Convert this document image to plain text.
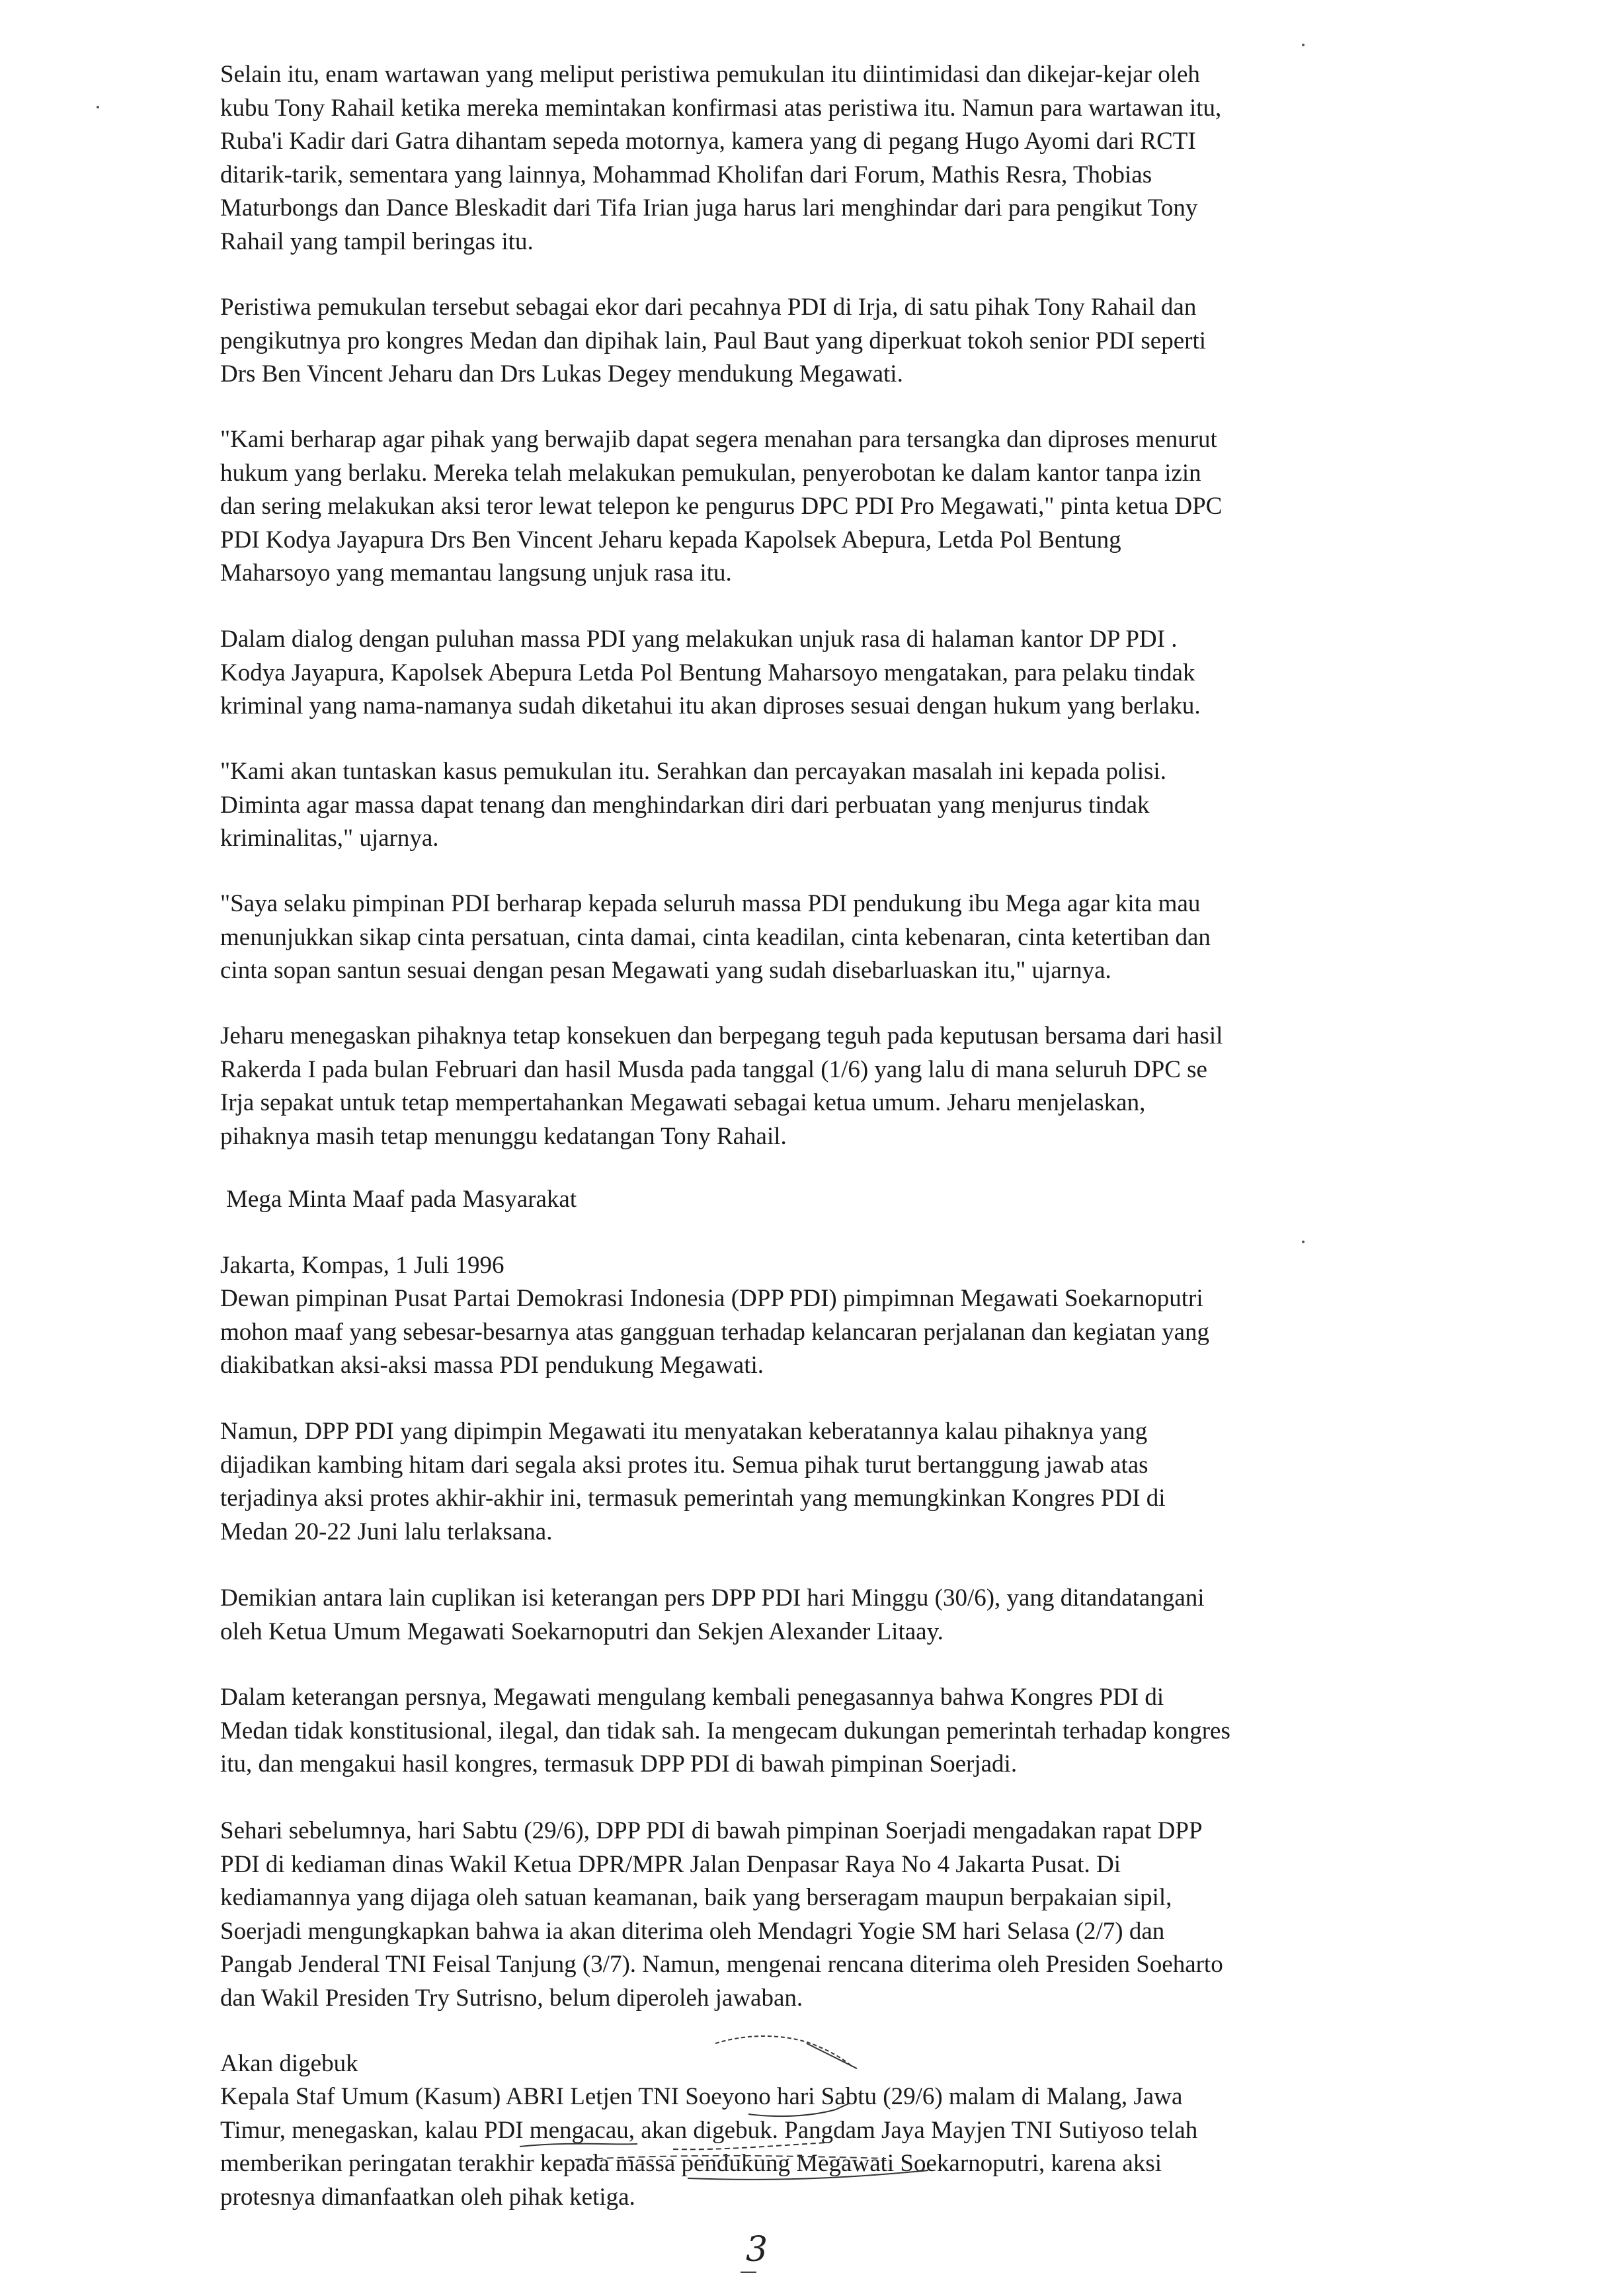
Selain itu, enam wartawan yang meliput peristiwa pemukulan itu diintimidasi dan dikejar-kejar oleh
kubu Tony Rahail ketika mereka memintakan konfirmasi atas peristiwa itu. Namun para wartawan itu,
Ruba'i Kadir dari Gatra dihantam sepeda motornya, kamera yang di pegang Hugo Ayomi dari RCTI
ditarik-tarik, sementara yang lainnya, Mohammad Kholifan dari Forum, Mathis Resra, Thobias
Maturbongs dan Dance Bleskadit dari Tifa Irian juga harus lari menghindar dari para pengikut Tony
Rahail yang tampil beringas itu.

Peristiwa pemukulan tersebut sebagai ekor dari pecahnya PDI di Irja, di satu pihak Tony Rahail dan
pengikutnya pro kongres Medan dan dipihak lain, Paul Baut yang diperkuat tokoh senior PDI seperti
Drs Ben Vincent Jeharu dan Drs Lukas Degey mendukung Megawati.

"Kami berharap agar pihak yang berwajib dapat segera menahan para tersangka dan diproses menurut
hukum yang berlaku. Mereka telah melakukan pemukulan, penyerobotan ke dalam kantor tanpa izin
dan sering melakukan aksi teror lewat telepon ke pengurus DPC PDI Pro Megawati," pinta ketua DPC
PDI Kodya Jayapura Drs Ben Vincent Jeharu kepada Kapolsek Abepura, Letda Pol Bentung
Maharsoyo yang memantau langsung unjuk rasa itu.

Dalam dialog dengan puluhan massa PDI yang melakukan unjuk rasa di halaman kantor DP PDI .
Kodya Jayapura, Kapolsek Abepura Letda Pol Bentung Maharsoyo mengatakan, para pelaku tindak
kriminal yang nama-namanya sudah diketahui itu akan diproses sesuai dengan hukum yang berlaku.

"Kami akan tuntaskan kasus pemukulan itu. Serahkan dan percayakan masalah ini kepada polisi.
Diminta agar massa dapat tenang dan menghindarkan diri dari perbuatan yang menjurus tindak
kriminalitas," ujarnya.

"Saya selaku pimpinan PDI berharap kepada seluruh massa PDI pendukung ibu Mega agar kita mau
menunjukkan sikap cinta persatuan, cinta damai, cinta keadilan, cinta kebenaran, cinta ketertiban dan
cinta sopan santun sesuai dengan pesan Megawati yang sudah disebarluaskan itu," ujarnya.

Jeharu menegaskan pihaknya tetap konsekuen dan berpegang teguh pada keputusan bersama dari hasil
Rakerda I pada bulan Februari dan hasil Musda pada tanggal (1/6) yang lalu di mana seluruh DPC se
Irja sepakat untuk tetap mempertahankan Megawati sebagai ketua umum. Jeharu menjelaskan,
pihaknya masih tetap menunggu kedatangan Tony Rahail.

Mega Minta Maaf pada Masyarakat

Jakarta, Kompas, 1 Juli 1996

Dewan pimpinan Pusat Partai Demokrasi Indonesia (DPP PDI) pimpimnan Megawati Soekarnoputri
mohon maaf yang sebesar-besarnya atas gangguan terhadap kelancaran perjalanan dan kegiatan yang
diakibatkan aksi-aksi massa PDI pendukung Megawati.

Namun, DPP PDI yang dipimpin Megawati itu menyatakan keberatannya kalau pihaknya yang
dijadikan kambing hitam dari segala aksi protes itu. Semua pihak turut bertanggung jawab atas
terjadinya aksi protes akhir-akhir ini, termasuk pemerintah yang memungkinkan Kongres PDI di
Medan 20-22 Juni lalu terlaksana.

Demikian antara lain cuplikan isi keterangan pers DPP PDI hari Minggu (30/6), yang ditandatangani
oleh Ketua Umum Megawati Soekarnoputri dan Sekjen Alexander Litaay.

Dalam keterangan persnya, Megawati mengulang kembali penegasannya bahwa Kongres PDI di
Medan tidak konstitusional, ilegal, dan tidak sah. Ia mengecam dukungan pemerintah terhadap kongres
itu, dan mengakui hasil kongres, termasuk DPP PDI di bawah pimpinan Soerjadi.

Sehari sebelumnya, hari Sabtu (29/6), DPP PDI di bawah pimpinan Soerjadi mengadakan rapat DPP
PDI di kediaman dinas Wakil Ketua DPR/MPR Jalan Denpasar Raya No 4 Jakarta Pusat. Di
kediamannya yang dijaga oleh satuan keamanan, baik yang berseragam maupun berpakaian sipil,
Soerjadi mengungkapkan bahwa ia akan diterima oleh Mendagri Yogie SM hari Selasa (2/7) dan
Pangab Jenderal TNI Feisal Tanjung (3/7). Namun, mengenai rencana diterima oleh Presiden Soeharto
dan Wakil Presiden Try Sutrisno, belum diperoleh jawaban.

Akan digebuk

Kepala Staf Umum (Kasum) ABRI Letjen TNI Soeyono hari Sabtu (29/6) malam di Malang, Jawa
Timur, menegaskan, kalau PDI mengacau, akan digebuk. Pangdam Jaya Mayjen TNI Sutiyoso telah
memberikan peringatan terakhir kepada massa pendukung Megawati Soekarnoputri, karena aksi
protesnya dimanfaatkan oleh pihak ketiga.

3
